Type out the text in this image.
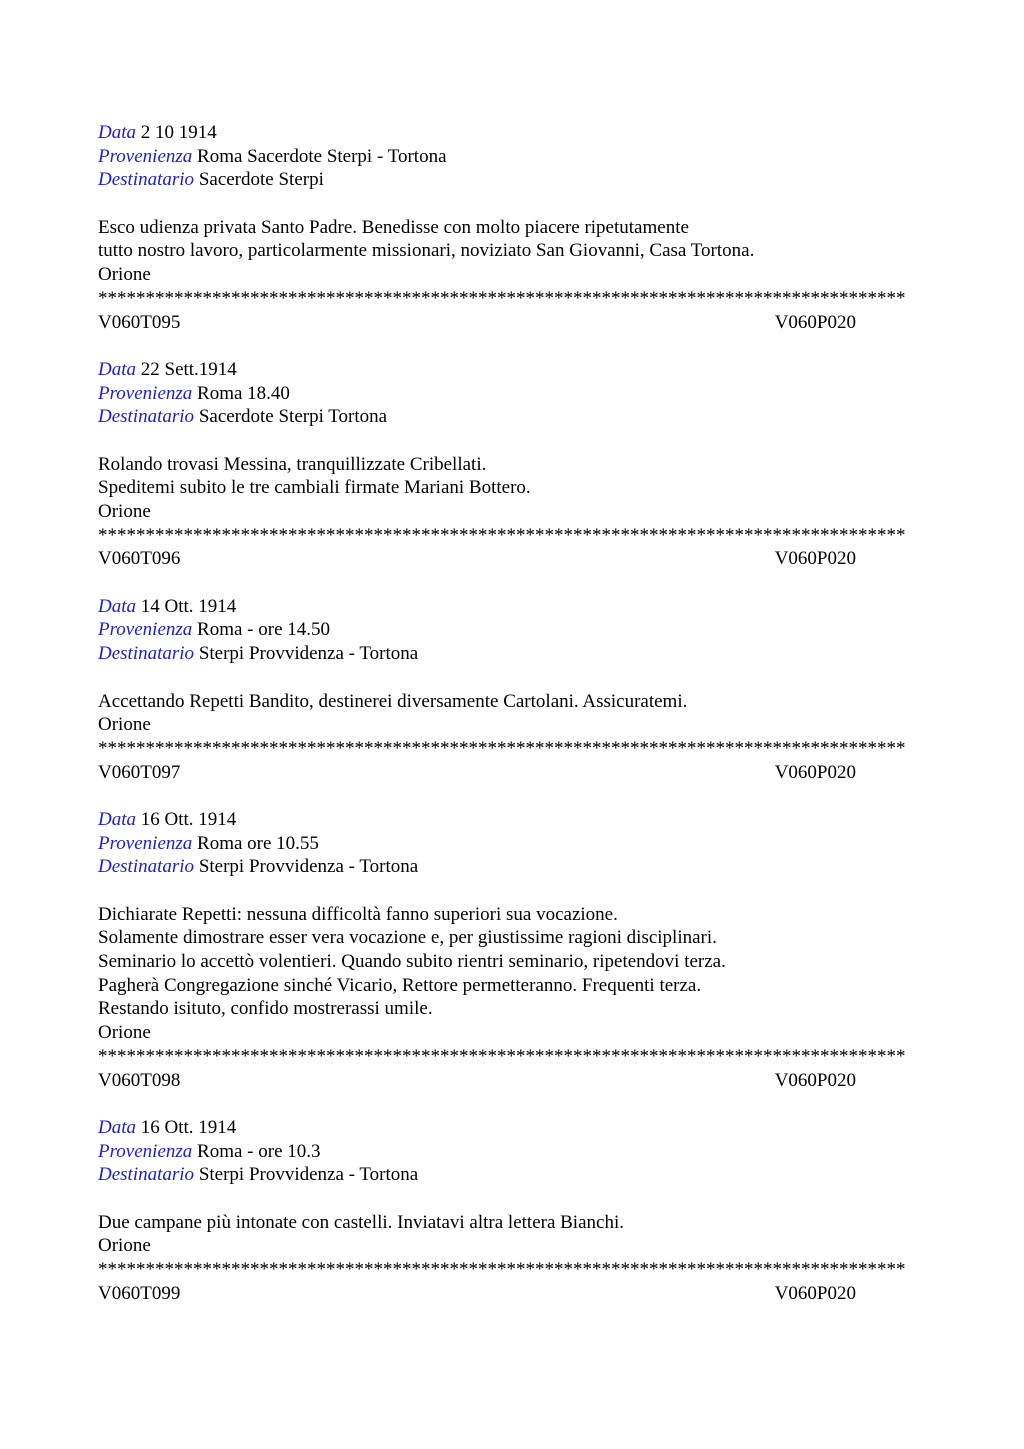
Data 2 10 1914
Provenienza Roma Sacerdote Sterpi - Tortona
Destinatario Sacerdote Sterpi
Esco udienza privata Santo Padre. Benedisse con molto piacere ripetutamente
tutto nostro lavoro, particolarmente missionari, noviziato San Giovanni, Casa Tortona.
Orione
*************************************************************************************
V060T095	V060P020
Data 22 Sett.1914
Provenienza Roma 18.40
Destinatario Sacerdote Sterpi Tortona
Rolando trovasi Messina, tranquillizzate Cribellati.
Speditemi subito le tre cambiali firmate Mariani Bottero.
Orione
*************************************************************************************
V060T096	V060P020
Data 14 Ott. 1914
Provenienza Roma - ore 14.50
Destinatario Sterpi Provvidenza - Tortona
Accettando Repetti Bandito, destinerei diversamente Cartolani. Assicuratemi.
Orione
*************************************************************************************
V060T097	V060P020
Data 16 Ott. 1914
Provenienza Roma ore 10.55
Destinatario Sterpi Provvidenza - Tortona
Dichiarate Repetti: nessuna difficoltà fanno superiori sua vocazione.
Solamente dimostrare esser vera vocazione e, per giustissime ragioni disciplinari.
Seminario lo accettò volentieri. Quando subito rientri seminario, ripetendovi terza.
Pagherà Congregazione sinché Vicario, Rettore permetteranno. Frequenti terza.
Restando isituto, confido mostrerassi umile.
Orione
*************************************************************************************
V060T098	V060P020
Data 16 Ott. 1914
Provenienza Roma - ore 10.3
Destinatario Sterpi Provvidenza - Tortona
Due campane più intonate con castelli. Inviatavi altra lettera Bianchi.
Orione
*************************************************************************************
V060T099	V060P020
